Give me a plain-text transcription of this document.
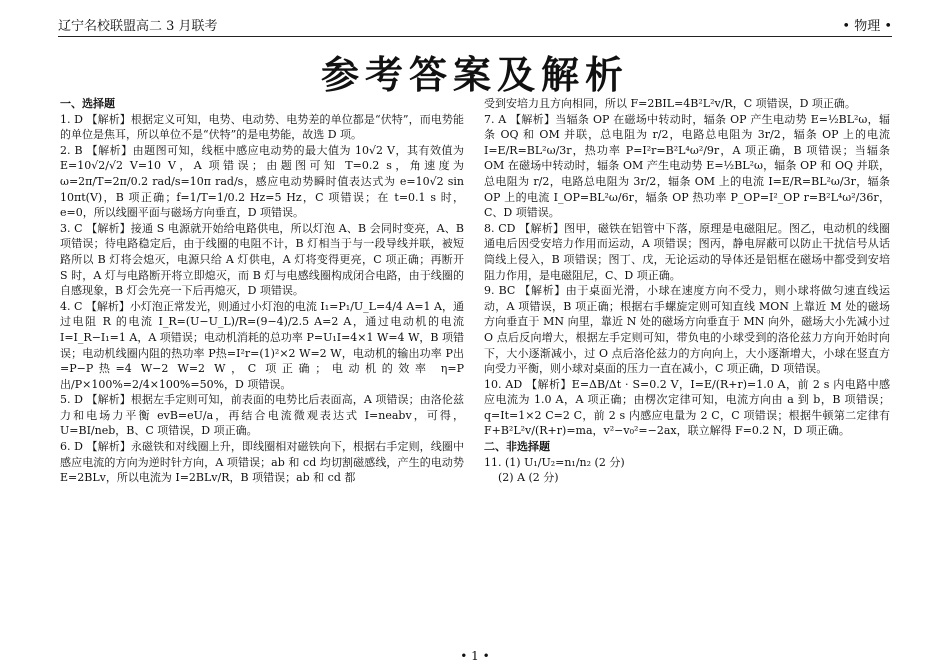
辽宁名校联盟高二 3 月联考	• 物理 •
参考答案及解析

一、选择题

1. D 【解析】根据定义可知，电势、电动势、电势差的单位都是“伏特”，而电势能的单位是焦耳，所以单位不是“伏特”的是电势能，故选 D 项。

2. B 【解析】由题图可知，线框中感应电动势的最大值为 10√2 V，其有效值为 E=10√2/√2 V=10 V，A 项错误；由题图可知 T=0.2 s，角速度为 ω=2π/T=2π/0.2 rad/s=10π rad/s，感应电动势瞬时值表达式为 e=10√2 sin 10πt(V)，B 项正确；f=1/T=1/0.2 Hz=5 Hz，C 项错误；在 t=0.1 s 时，e=0，所以线圈平面与磁场方向垂直，D 项错误。

3. C 【解析】接通 S 电源就开始给电路供电，所以灯泡 A、B 会同时变亮，A、B 项错误；待电路稳定后，由于线圈的电阻不计，B 灯相当于与一段导线并联，被短路所以 B 灯将会熄灭，电源只给 A 灯供电，A 灯将变得更亮，C 项正确；再断开 S 时，A 灯与电路断开将立即熄灭，而 B 灯与电感线圈构成闭合电路，由于线圈的自感现象，B 灯会先亮一下后再熄灭，D 项错误。

4. C 【解析】小灯泡正常发光，则通过小灯泡的电流 I₁=P₁/U_L=4/4 A=1 A，通过电阻 R 的电流 I_R=(U−U_L)/R=(9−4)/2.5 A=2 A，通过电动机的电流 I=I_R−I₁=1 A，A 项错误；电动机消耗的总功率 P=U₁I=4×1 W=4 W，B 项错误；电动机线圈内阻的热功率 P热=I²r=(1)²×2 W=2 W，电动机的输出功率 P出=P−P热=4 W−2 W=2 W，C 项正确；电动机的效率 η=P出/P×100%=2/4×100%=50%，D 项错误。

5. D 【解析】根据左手定则可知，前表面的电势比后表面高，A 项错误；由洛伦兹力和电场力平衡 evB=eU/a，再结合电流微观表达式 I=neabv，可得，U=BI/neb，B、C 项错误，D 项正确。

6. D 【解析】永磁铁和对线圈上升，即线圈相对磁铁向下，根据右手定则，线圈中感应电流的方向为逆时针方向，A 项错误；ab 和 cd 均切割磁感线，产生的电动势 E=2BLv，所以电流为 I=2BLv/R，B 项错误；ab 和 cd 都

受到安培力且方向相同，所以 F=2BIL=4B²L²v/R，C 项错误，D 项正确。

7. A 【解析】当辐条 OP 在磁场中转动时，辐条 OP 产生电动势 E=½BL²ω，辐条 OQ 和 OM 并联，总电阻为 r/2，电路总电阻为 3r/2，辐条 OP 上的电流 I=E/R=BL²ω/3r，热功率 P=I²r=B²L⁴ω²/9r，A 项正确，B 项错误；当辐条 OM 在磁场中转动时，辐条 OM 产生电动势 E=½BL²ω，辐条 OP 和 OQ 并联，总电阻为 r/2，电路总电阻为 3r/2，辐条 OM 上的电流 I=E/R=BL²ω/3r，辐条 OP 上的电流 I_OP=BL²ω/6r，辐条 OP 热功率 P_OP=I²_OP r=B²L⁴ω²/36r，C、D 项错误。

8. CD 【解析】图甲，磁铁在铝管中下落，原理是电磁阻尼。图乙，电动机的线圈通电后因受安培力作用而运动，A 项错误；图丙，静电屏蔽可以防止干扰信号从话筒线上侵入，B 项错误；图丁、戊，无论运动的导体还是铝框在磁场中都受到安培阻力作用，是电磁阻尼，C、D 项正确。

9. BC 【解析】由于桌面光滑，小球在速度方向不受力，则小球将做匀速直线运动，A 项错误，B 项正确；根据右手螺旋定则可知直线 MON 上靠近 M 处的磁场方向垂直于 MN 向里，靠近 N 处的磁场方向垂直于 MN 向外，磁场大小先减小过 O 点后反向增大，根据左手定则可知，带负电的小球受到的洛伦兹力方向开始时向下，大小逐渐减小，过 O 点后洛伦兹力的方向向上，大小逐渐增大，小球在竖直方向受力平衡，则小球对桌面的压力一直在减小，C 项正确，D 项错误。

10. AD 【解析】E=ΔB/Δt · S=0.2 V，I=E/(R+r)=1.0 A，前 2 s 内电路中感应电流为 1.0 A，A 项正确；由楞次定律可知，电流方向由 a 到 b，B 项错误；q=It=1×2 C=2 C，前 2 s 内感应电量为 2 C，C 项错误；根据牛顿第二定律有 F+B²L²v/(R+r)=ma，v²−v₀²=−2ax，联立解得 F=0.2 N，D 项正确。

二、非选择题

11. (1) U₁/U₂=n₁/n₂ (2 分)

(2) A (2 分)

• 1 •
